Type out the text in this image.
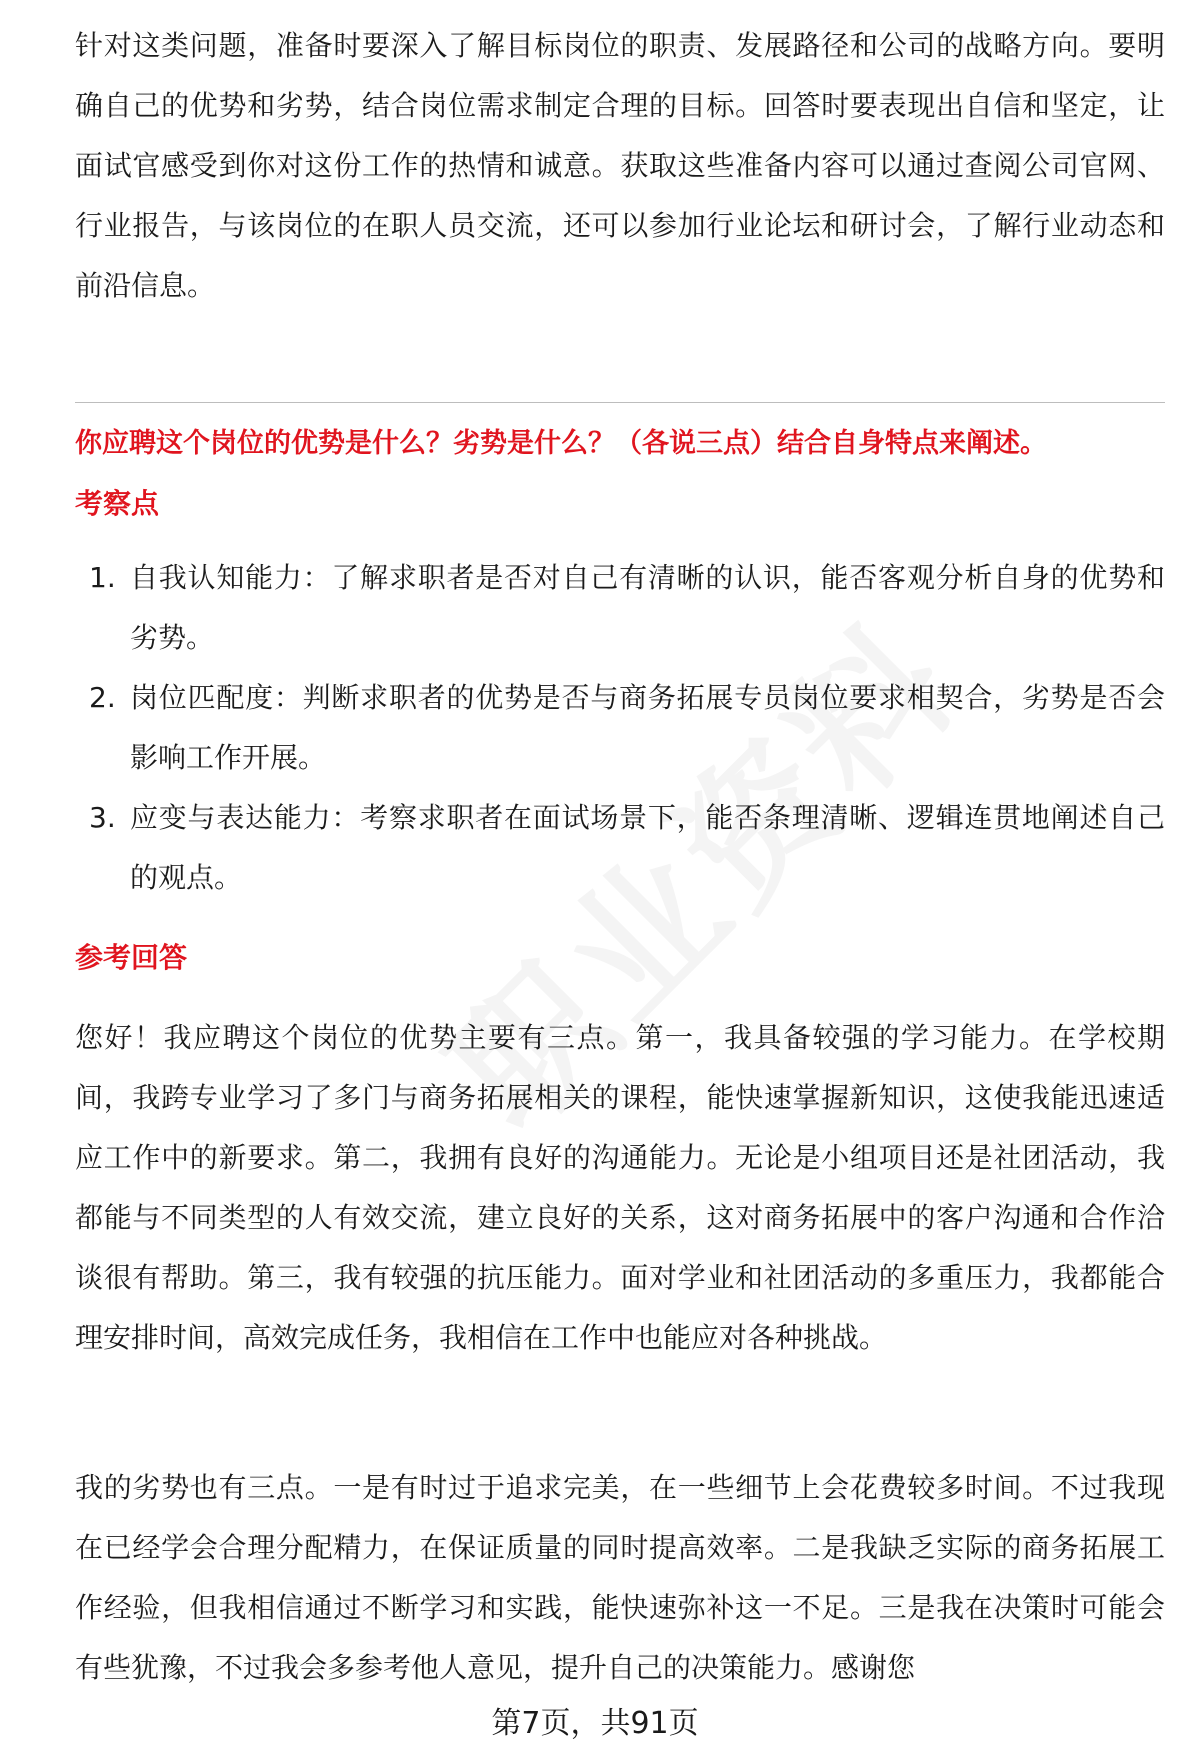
针对这类问题，准备时要深入了解目标岗位的职责、发展路径和公司的战略方向。要明确自己的优势和劣势，结合岗位需求制定合理的目标。回答时要表现出自信和坚定，让面试官感受到你对这份工作的热情和诚意。获取这些准备内容可以通过查阅公司官网、行业报告，与该岗位的在职人员交流，还可以参加行业论坛和研讨会，了解行业动态和前沿信息。

你应聘这个岗位的优势是什么？劣势是什么？（各说三点）结合自身特点来阐述。

考察点

1. 自我认知能力：了解求职者是否对自己有清晰的认识，能否客观分析自身的优势和劣势。
2. 岗位匹配度：判断求职者的优势是否与商务拓展专员岗位要求相契合，劣势是否会影响工作开展。
3. 应变与表达能力：考察求职者在面试场景下，能否条理清晰、逻辑连贯地阐述自己的观点。

参考回答

您好！我应聘这个岗位的优势主要有三点。第一，我具备较强的学习能力。在学校期间，我跨专业学习了多门与商务拓展相关的课程，能快速掌握新知识，这使我能迅速适应工作中的新要求。第二，我拥有良好的沟通能力。无论是小组项目还是社团活动，我都能与不同类型的人有效交流，建立良好的关系，这对商务拓展中的客户沟通和合作洽谈很有帮助。第三，我有较强的抗压能力。面对学业和社团活动的多重压力，我都能合理安排时间，高效完成任务，我相信在工作中也能应对各种挑战。

我的劣势也有三点。一是有时过于追求完美，在一些细节上会花费较多时间。不过我现在已经学会合理分配精力，在保证质量的同时提高效率。二是我缺乏实际的商务拓展工作经验，但我相信通过不断学习和实践，能快速弥补这一不足。三是我在决策时可能会有些犹豫，不过我会多参考他人意见，提升自己的决策能力。感谢您

第7页，共91页
